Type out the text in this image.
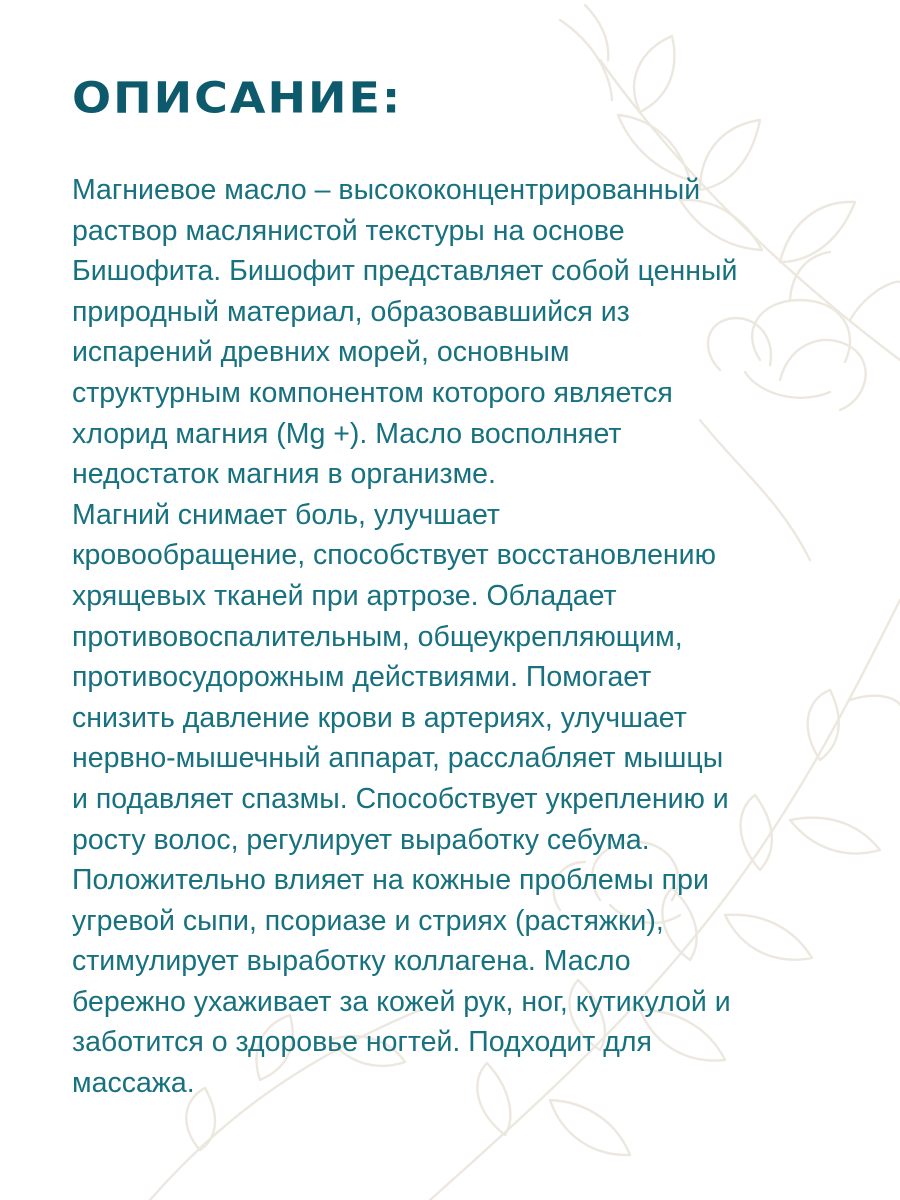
ОПИСАНИЕ:
Магниевое масло – высококонцентрированный
раствор маслянистой текстуры на основе
Бишофита. Бишофит представляет собой ценный
природный материал, образовавшийся из
испарений древних морей, основным
структурным компонентом которого является
хлорид магния (Mg +). Масло восполняет
недостаток магния в организме.
Магний снимает боль, улучшает
кровообращение, способствует восстановлению
хрящевых тканей при артрозе. Обладает
противовоспалительным, общеукрепляющим,
противосудорожным действиями. Помогает
снизить давление крови в артериях, улучшает
нервно-мышечный аппарат, расслабляет мышцы
и подавляет спазмы. Способствует укреплению и
росту волос, регулирует выработку себума.
Положительно влияет на кожные проблемы при
угревой сыпи, псориазе и стриях (растяжки),
стимулирует выработку коллагена. Масло
бережно ухаживает за кожей рук, ног, кутикулой и
заботится о здоровье ногтей. Подходит для
массажа.
